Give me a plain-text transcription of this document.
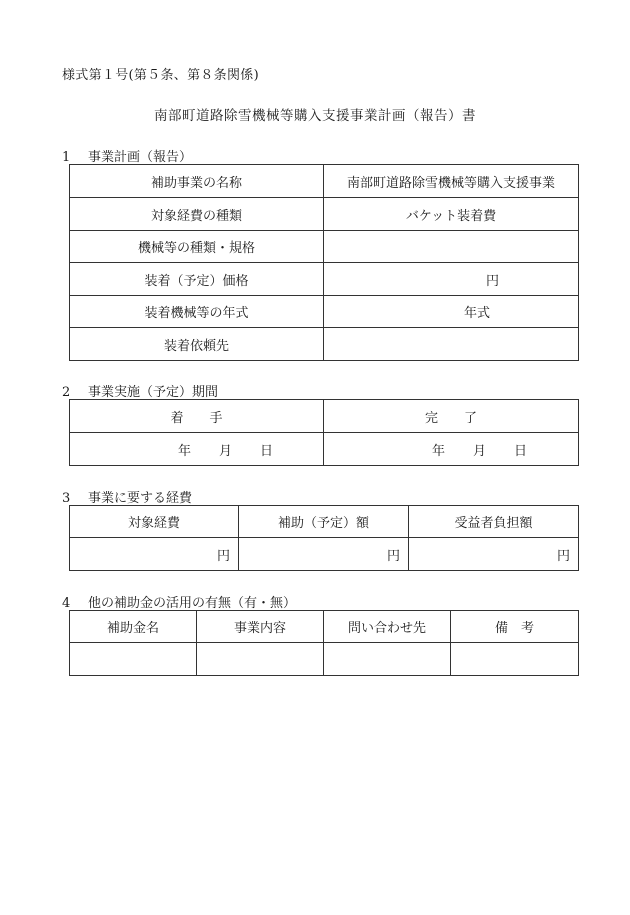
様式第１号(第５条、第８条関係)
南部町道路除雪機械等購入支援事業計画（報告）書
1 事業計画（報告）
補助事業の名称	南部町道路除雪機械等購入支援事業
対象経費の種類	バケット装着費
機械等の種類・規格	
装着（予定）価格	円
装着機械等の年式	年式
装着依頼先	
2 事業実施（予定）期間
着　　手	完　　了
年 月 日	年 月 日
3 事業に要する経費
対象経費	補助（予定）額	受益者負担額
円	円	円
4 他の補助金の活用の有無（有・無）
補助金名	事業内容	問い合わせ先	備　考
